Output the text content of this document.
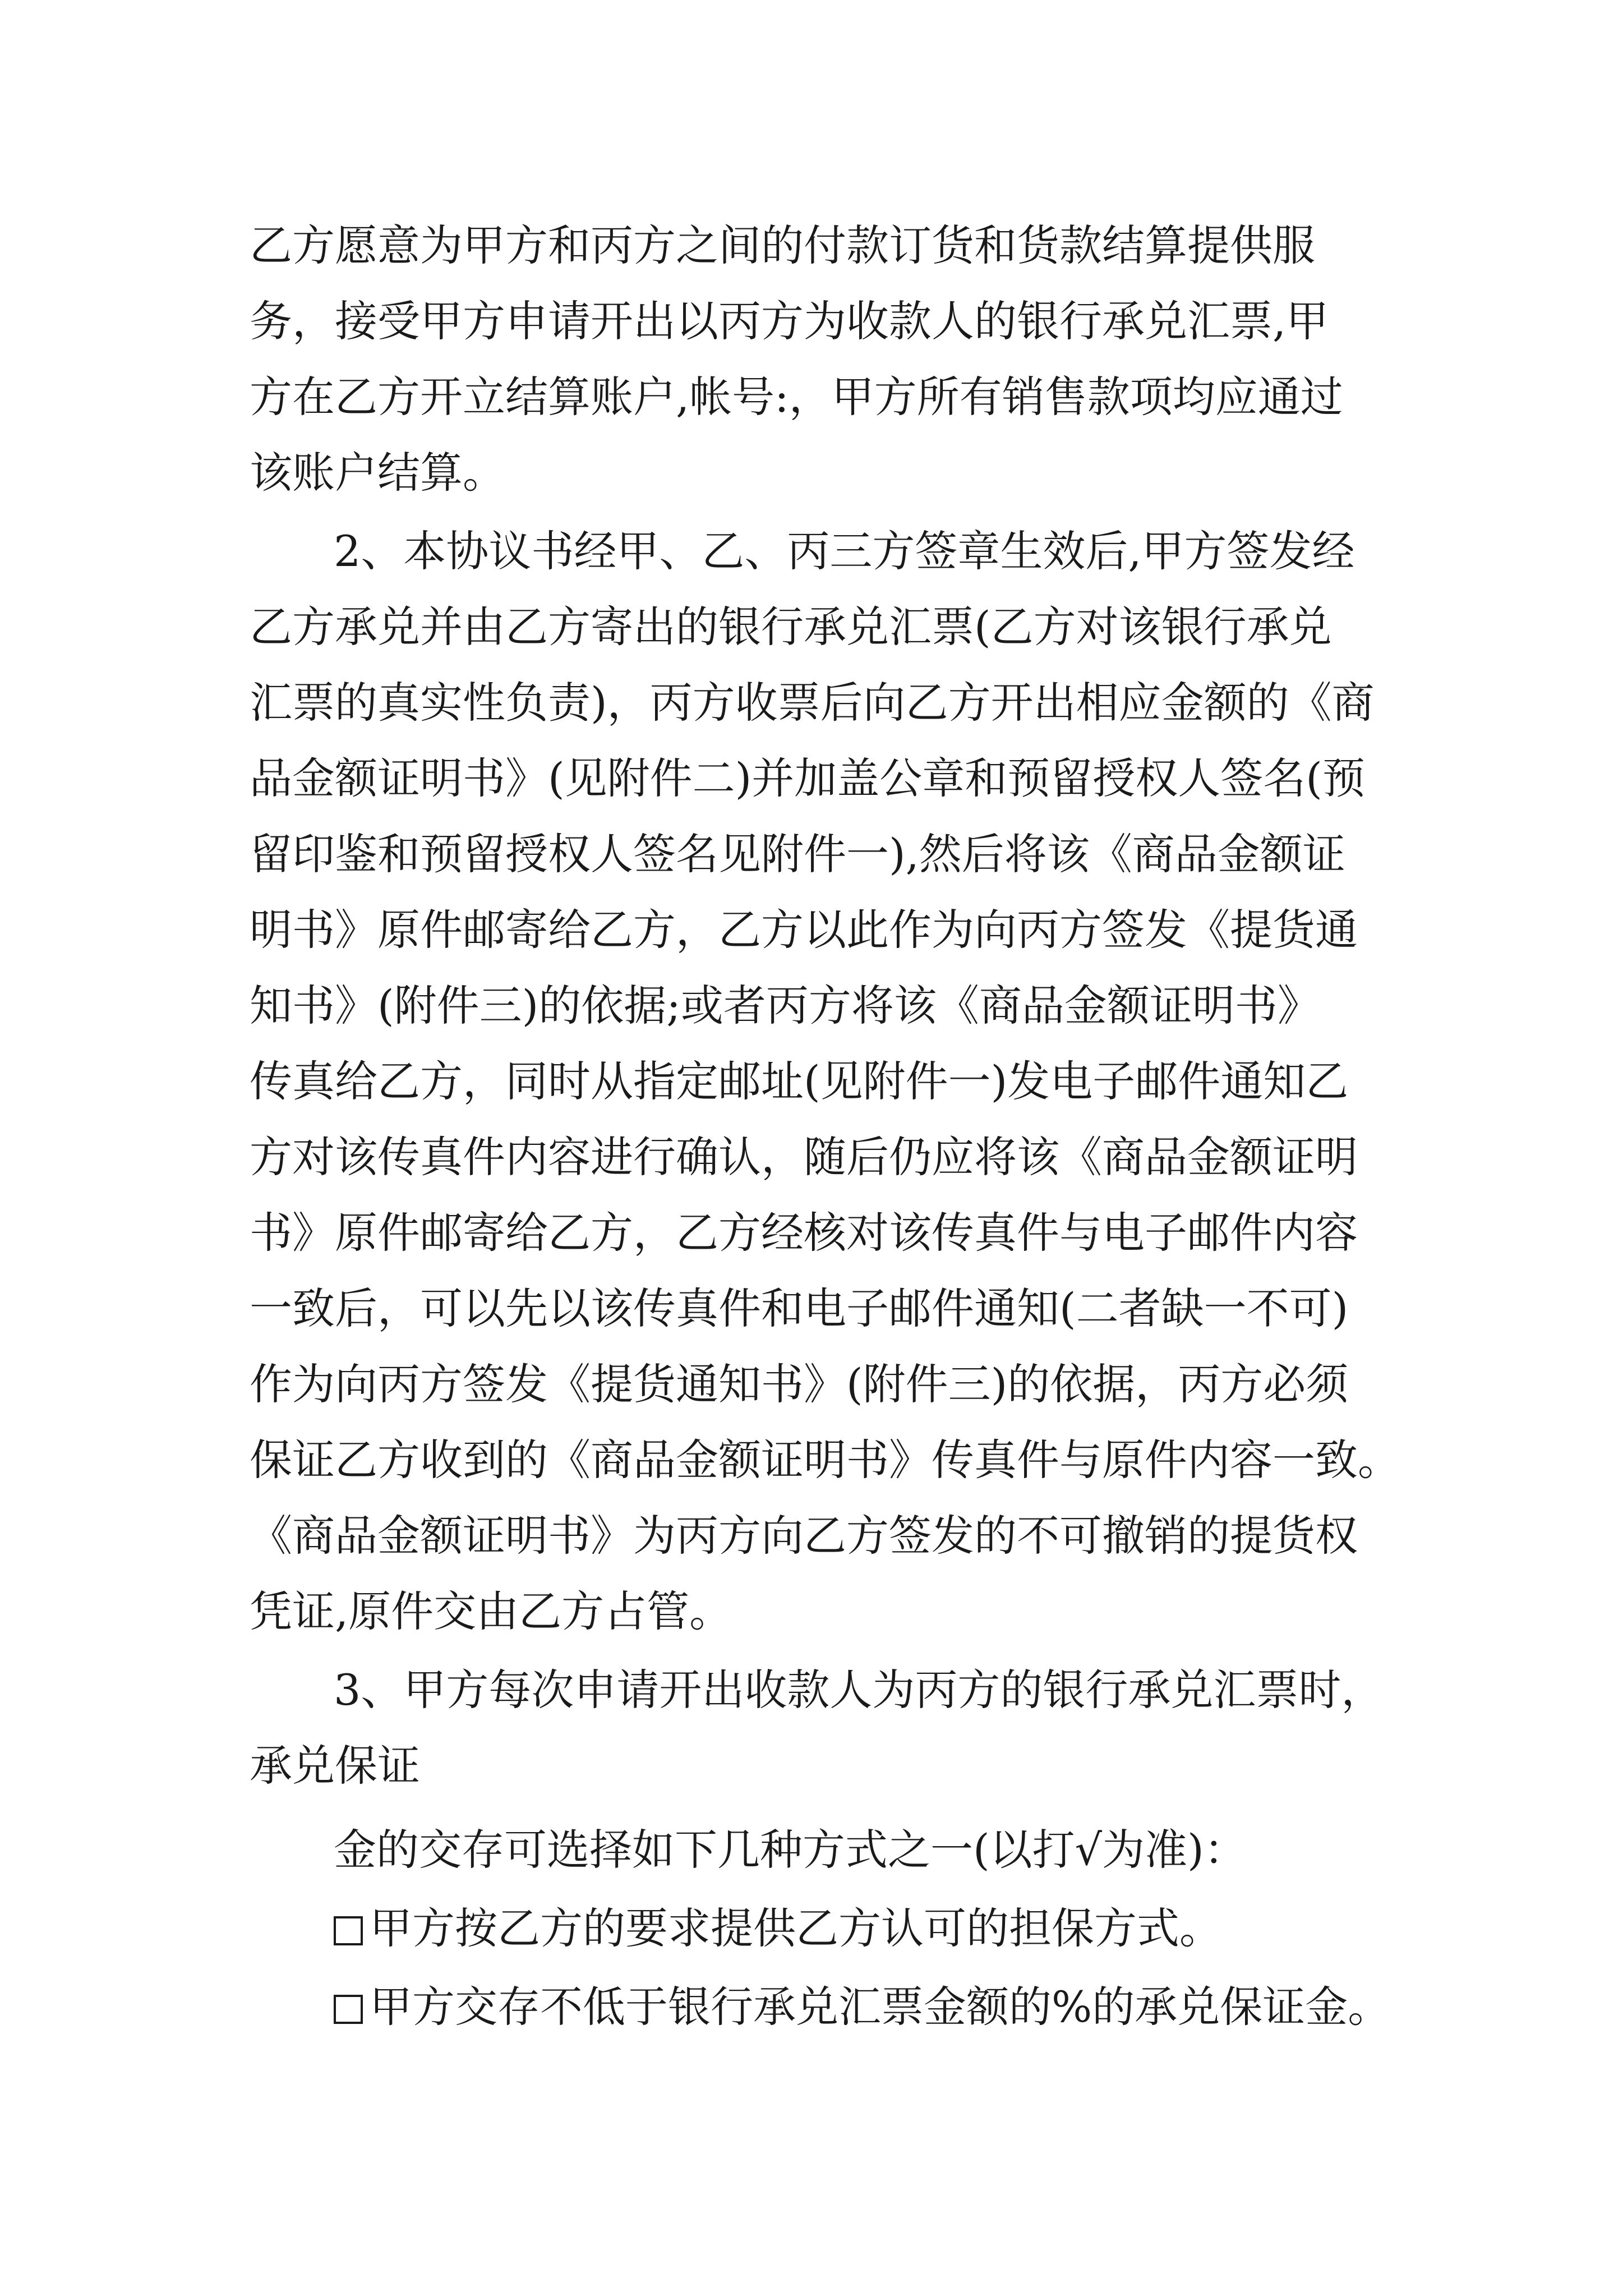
乙方愿意为甲方和丙方之间的付款订货和货款结算提供服

务，接受甲方申请开出以丙方为收款人的银行承兑汇票,甲

方在乙方开立结算账户,帐号:，甲方所有销售款项均应通过

该账户结算。

2、本协议书经甲、乙、丙三方签章生效后,甲方签发经

乙方承兑并由乙方寄出的银行承兑汇票(乙方对该银行承兑

汇票的真实性负责)，丙方收票后向乙方开出相应金额的《商

品金额证明书》(见附件二)并加盖公章和预留授权人签名(预

留印鉴和预留授权人签名见附件一),然后将该《商品金额证

明书》原件邮寄给乙方，乙方以此作为向丙方签发《提货通

知书》(附件三)的依据;或者丙方将该《商品金额证明书》

传真给乙方，同时从指定邮址(见附件一)发电子邮件通知乙

方对该传真件内容进行确认，随后仍应将该《商品金额证明

书》原件邮寄给乙方，乙方经核对该传真件与电子邮件内容

一致后，可以先以该传真件和电子邮件通知(二者缺一不可)

作为向丙方签发《提货通知书》(附件三)的依据，丙方必须

保证乙方收到的《商品金额证明书》传真件与原件内容一致。

《商品金额证明书》为丙方向乙方签发的不可撤销的提货权

凭证,原件交由乙方占管。

3、甲方每次申请开出收款人为丙方的银行承兑汇票时，

承兑保证

金的交存可选择如下几种方式之一(以打√为准)：

甲方按乙方的要求提供乙方认可的担保方式。

甲方交存不低于银行承兑汇票金额的%的承兑保证金。
